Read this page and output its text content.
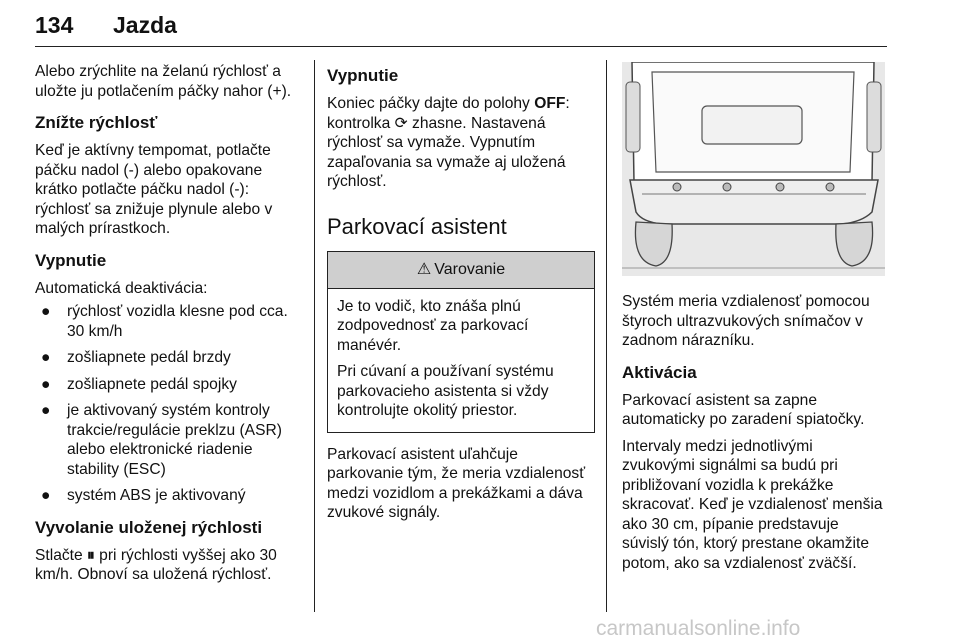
134 Jazda

Alebo zrýchlite na želanú rýchlosť a uložte ju potlačením páčky nahor (+).

Znížte rýchlosť

Keď je aktívny tempomat, potlačte páčku nadol (-) alebo opakovane krátko potlačte páčku nadol (-): rýchlosť sa znižuje plynule alebo v malých prírastkoch.

Vypnutie

Automatická deaktivácia:

● rýchlosť vozidla klesne pod cca. 30 km/h
● zošliapnete pedál brzdy
● zošliapnete pedál spojky
● je aktivovaný systém kontroly trakcie/regulácie preklzu (ASR) alebo elektronické riadenie stability (ESC)
● systém ABS je aktivovaný
Vyvolanie uloženej rýchlosti

Stlačte ⏸ pri rýchlosti vyššej ako 30 km/h. Obnoví sa uložená rýchlosť.

Vypnutie

Koniec páčky dajte do polohy OFF: kontrolka ⟳ zhasne. Nastavená rýchlosť sa vymaže. Vypnutím zapaľovania sa vymaže aj uložená rýchlosť.

Parkovací asistent
⚠ Varovanie

Je to vodič, kto znáša plnú zodpovednosť za parkovací manévér.

Pri cúvaní a používaní systému parkovacieho asistenta si vždy kontrolujte okolitý priestor.

Parkovací asistent uľahčuje parkovanie tým, že meria vzdialenosť medzi vozidlom a prekážkami a dáva zvukové signály.

Systém meria vzdialenosť pomocou štyroch ultrazvukových snímačov v zadnom nárazníku.

Aktivácia

Parkovací asistent sa zapne automaticky po zaradení spiatočky.

Intervaly medzi jednotlivými zvukovými signálmi sa budú pri približovaní vozidla k prekážke skracovať. Keď je vzdialenosť menšia ako 30 cm, pípanie predstavuje súvislý tón, ktorý prestane okamžite potom, ako sa vzdialenosť zväčší.

carmanualsonline.info
